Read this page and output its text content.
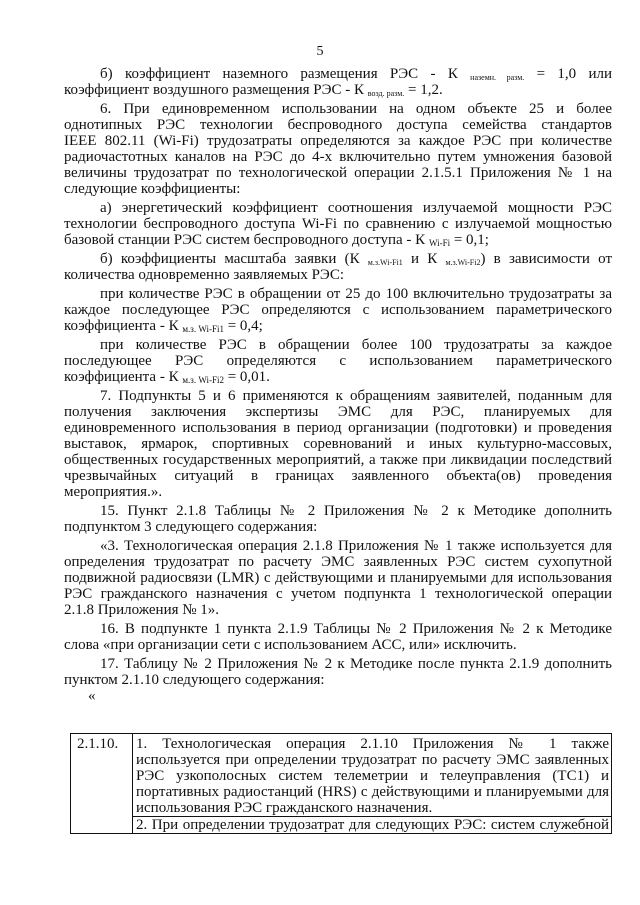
5
б) коэффициент наземного размещения РЭС - К $_{наземн. разм.}$ = 1,0 или
коэффициент воздушного размещения РЭС - К $_{возд. разм.}$ = 1,2.
6. При единовременном использовании на одном объекте 25 и более
однотипных РЭС технологии беспроводного доступа семейства стандартов
IEEE 802.11 (Wi-Fi) трудозатраты определяются за каждое РЭС при количестве
радиочастотных каналов на РЭС до 4-х включительно путем умножения базовой
величины трудозатрат по технологической операции 2.1.5.1 Приложения № 1 на
следующие коэффициенты:
а) энергетический коэффициент соотношения излучаемой мощности РЭС
технологии беспроводного доступа Wi-Fi по сравнению с излучаемой мощностью
базовой станции РЭС систем беспроводного доступа - К $_{Wi-Fi}$ = 0,1;
б) коэффициенты масштаба заявки (К $_{м.з.Wi-Fi1}$ и К $_{м.з.Wi-Fi2}$) в зависимости от
количества одновременно заявляемых РЭС:
при количестве РЭС в обращении от 25 до 100 включительно трудозатраты за
каждое последующее РЭС определяются с использованием параметрического
коэффициента - К $_{м.з. Wi-Fi1}$ = 0,4;
при количестве РЭС в обращении более 100 трудозатраты за каждое
последующее РЭС определяются с использованием параметрического
коэффициента - К $_{м.з. Wi-Fi2}$ = 0,01.
7. Подпункты 5 и 6 применяются к обращениям заявителей, поданным для
получения заключения экспертизы ЭМС для РЭС, планируемых для
единовременного использования в период организации (подготовки) и проведения
выставок, ярмарок, спортивных соревнований и иных культурно-массовых,
общественных государственных мероприятий, а также при ликвидации последствий
чрезвычайных ситуаций в границах заявленного объекта(ов) проведения
мероприятия.».
15. Пункт 2.1.8 Таблицы № 2 Приложения № 2 к Методике дополнить
подпунктом 3 следующего содержания:
«3. Технологическая операция 2.1.8 Приложения № 1 также используется для
определения трудозатрат по расчету ЭМС заявленных РЭС систем сухопутной
подвижной радиосвязи (LMR) с действующими и планируемыми для использования
РЭС гражданского назначения с учетом подпункта 1 технологической операции
2.1.8 Приложения № 1».
16. В подпункте 1 пункта 2.1.9 Таблицы № 2 Приложения № 2 к Методике
слова «при организации сети с использованием АСС, или» исключить.
17. Таблицу № 2 Приложения № 2 к Методике после пункта 2.1.9 дополнить
пунктом 2.1.10 следующего содержания:
«
2.1.10.	1. Технологическая операция 2.1.10 Приложения № 1 также
используется при определении трудозатрат по расчету ЭМС заявленных
РЭС узкополосных систем телеметрии и телеуправления (ТС1) и
портативных радиостанций (HRS) с действующими и планируемыми для
использования РЭС гражданского назначения.
2. При определении трудозатрат для следующих РЭС: систем служебной
